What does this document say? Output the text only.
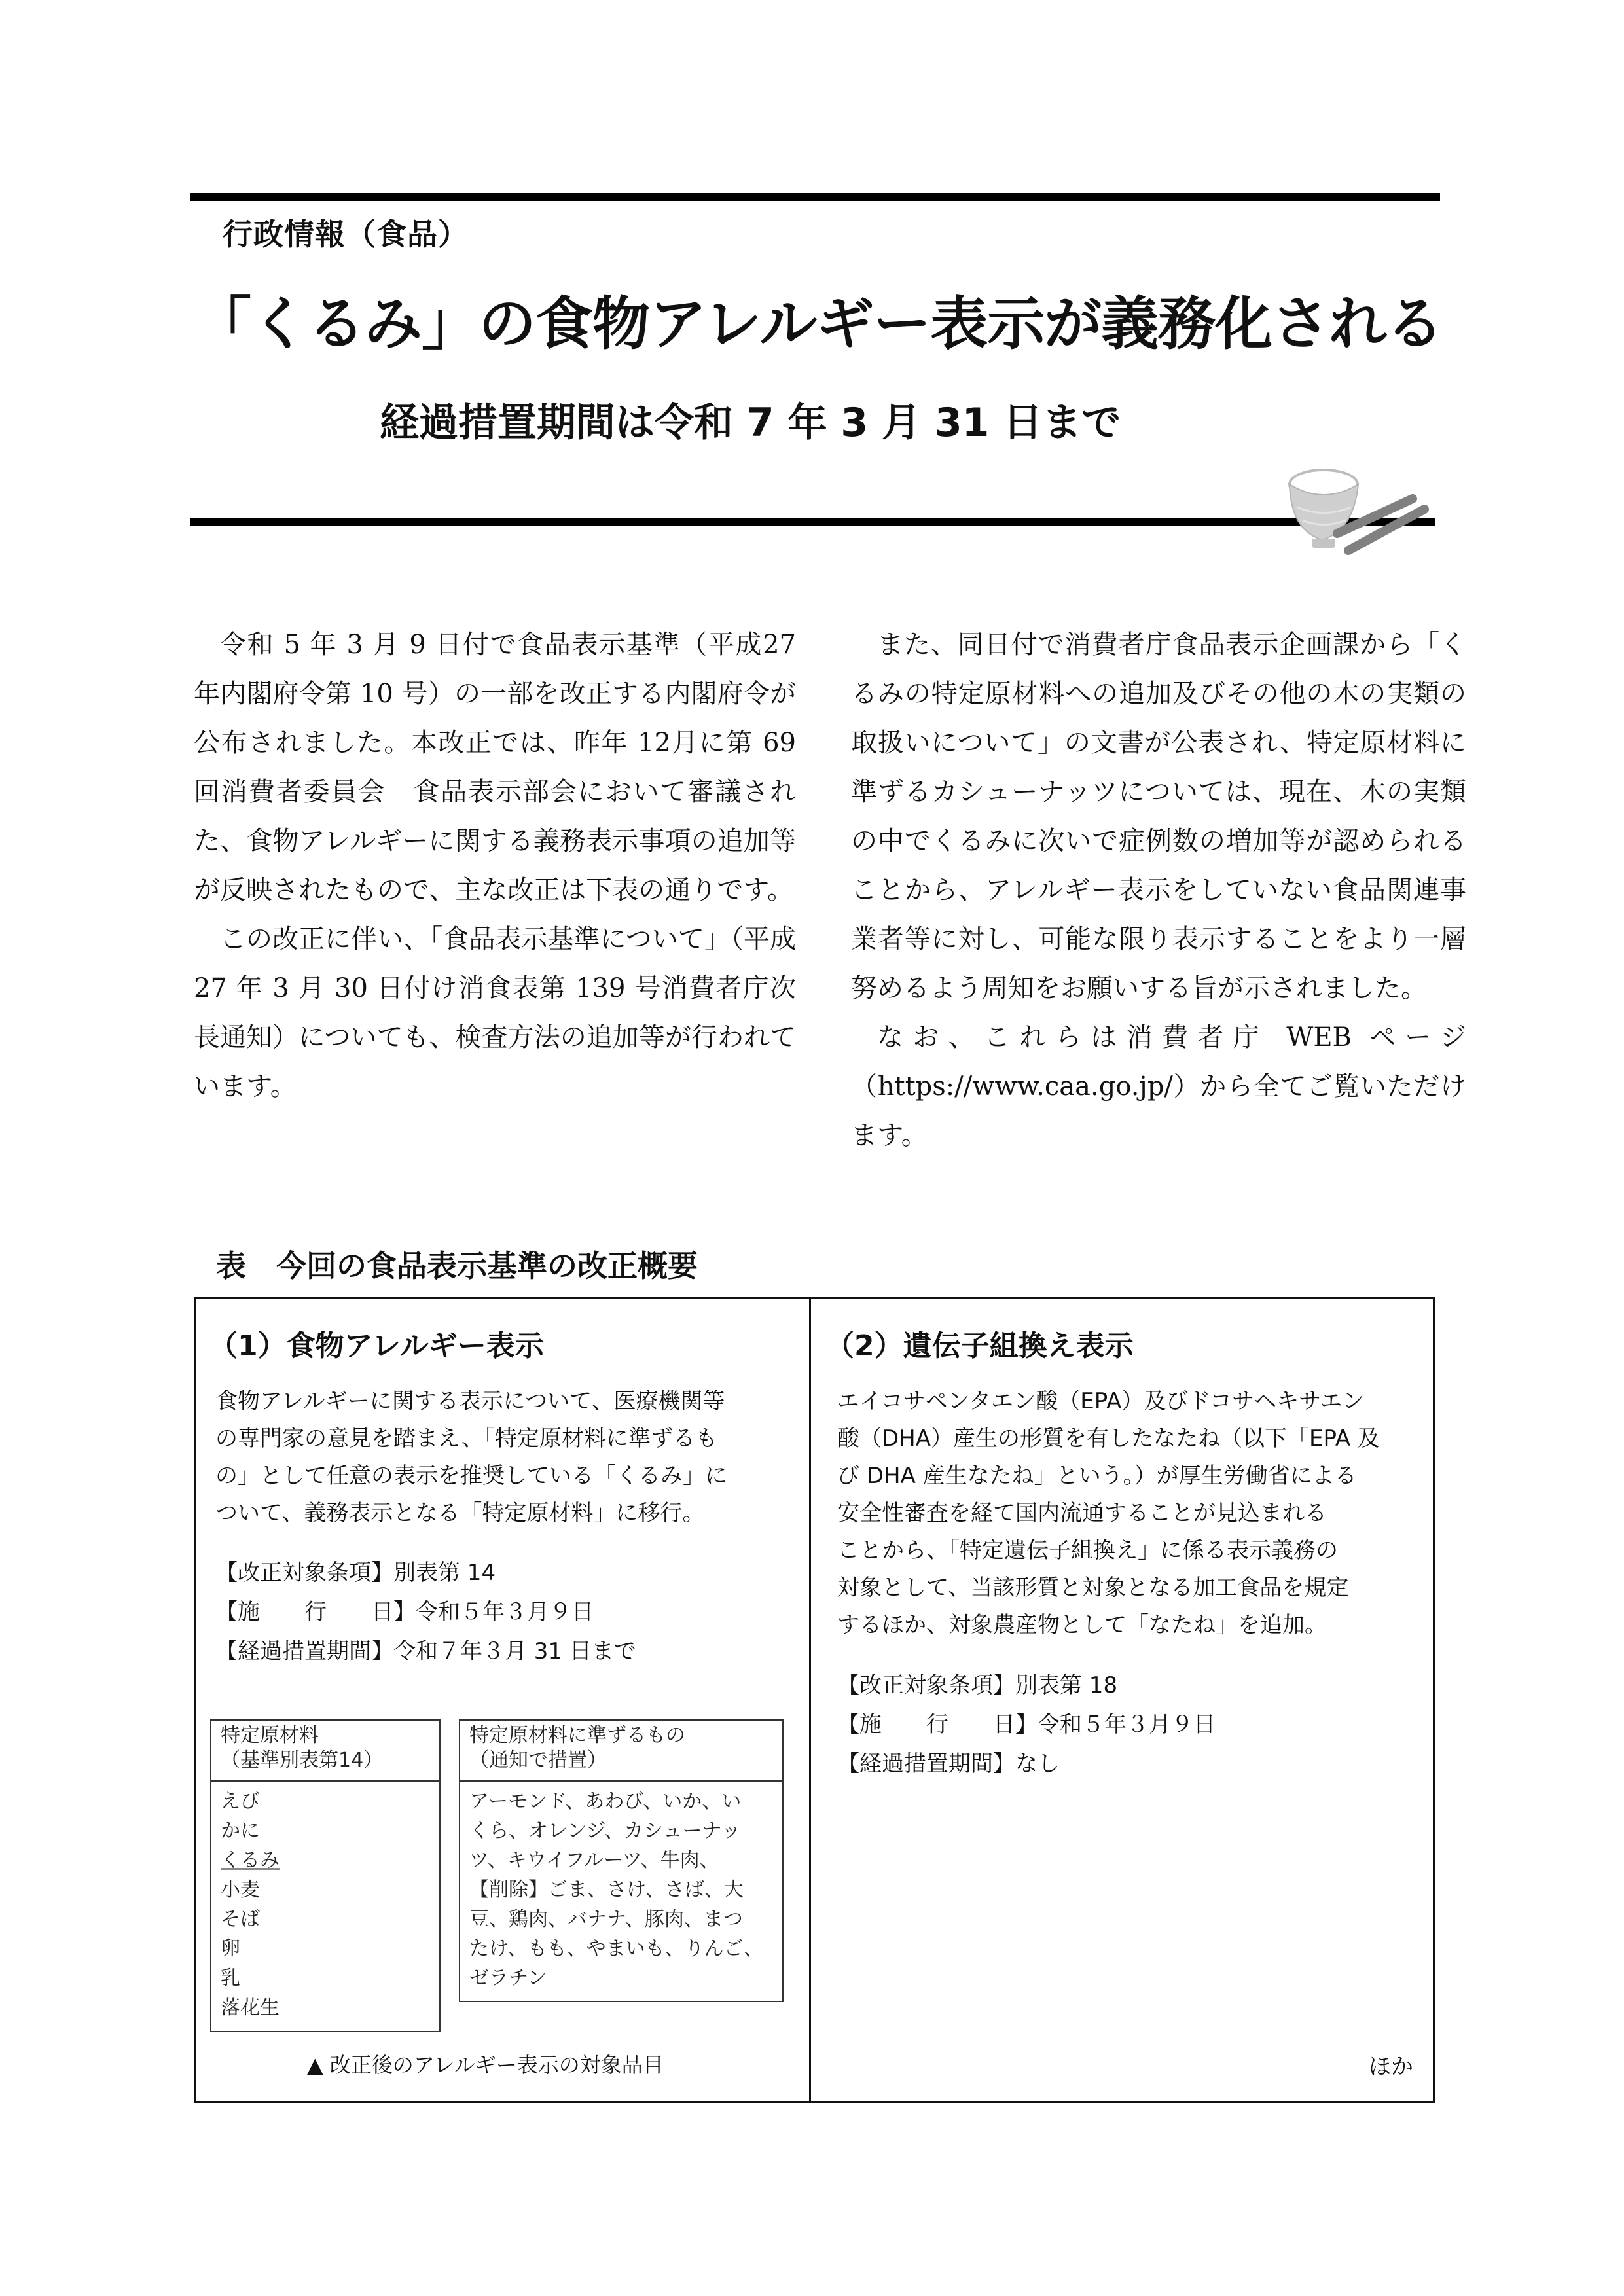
行政情報（食品）
「くるみ」の食物アレルギー表示が義務化される
経過措置期間は令和 7 年 3 月 31 日まで

令和 5 年 3 月 9 日付で食品表示基準（平成27 年内閣府令第 10 号）の一部を改正する内閣府令が公布されました。本改正では、昨年 12月に第 69 回消費者委員会　食品表示部会において審議された、食物アレルギーに関する義務表示事項の追加等が反映されたもので、主な改正は下表の通りです。

この改正に伴い、「食品表示基準について」（平成 27 年 3 月 30 日付け消食表第 139 号消費者庁次長通知）についても、検査方法の追加等が行われています。

また、同日付で消費者庁食品表示企画課から「くるみの特定原材料への追加及びその他の木の実類の取扱いについて」の文書が公表され、特定原材料に準ずるカシューナッツについては、現在、木の実類の中でくるみに次いで症例数の増加等が認められることから、アレルギー表示をしていない食品関連事業者等に対し、可能な限り表示することをより一層努めるよう周知をお願いする旨が示されました。

なお、これらは消費者庁 WEB ページ（https://www.caa.go.jp/）から全てご覧いただけます。

表　今回の食品表示基準の改正概要
（1）食物アレルギー表示
食物アレルギーに関する表示について、医療機関等
の専門家の意見を踏まえ、「特定原材料に準ずるも
の」として任意の表示を推奨している「くるみ」に
ついて、義務表示となる「特定原材料」に移行。
【改正対象条項】別表第 14
【施　　行　　日】令和５年３月９日
【経過措置期間】令和７年３月 31 日まで
特定原材料
（基準別表第14）
えび
かに
くるみ
小麦
そば
卵
乳
落花生
特定原材料に準ずるもの
（通知で措置）
アーモンド、あわび、いか、い
くら、オレンジ、カシューナッ
ツ、キウイフルーツ、牛肉、
【削除】ごま、さけ、さば、大
豆、鶏肉、バナナ、豚肉、まつ
たけ、もも、やまいも、りんご、
ゼラチン
▲ 改正後のアレルギー表示の対象品目
（2）遺伝子組換え表示
エイコサペンタエン酸（EPA）及びドコサヘキサエン
酸（DHA）産生の形質を有したなたね（以下「EPA 及
び DHA 産生なたね」という。）が厚生労働省による
安全性審査を経て国内流通することが見込まれる
ことから、「特定遺伝子組換え」に係る表示義務の
対象として、当該形質と対象となる加工食品を規定
するほか、対象農産物として「なたね」を追加。
【改正対象条項】別表第 18
【施　　行　　日】令和５年３月９日
【経過措置期間】なし
ほか
